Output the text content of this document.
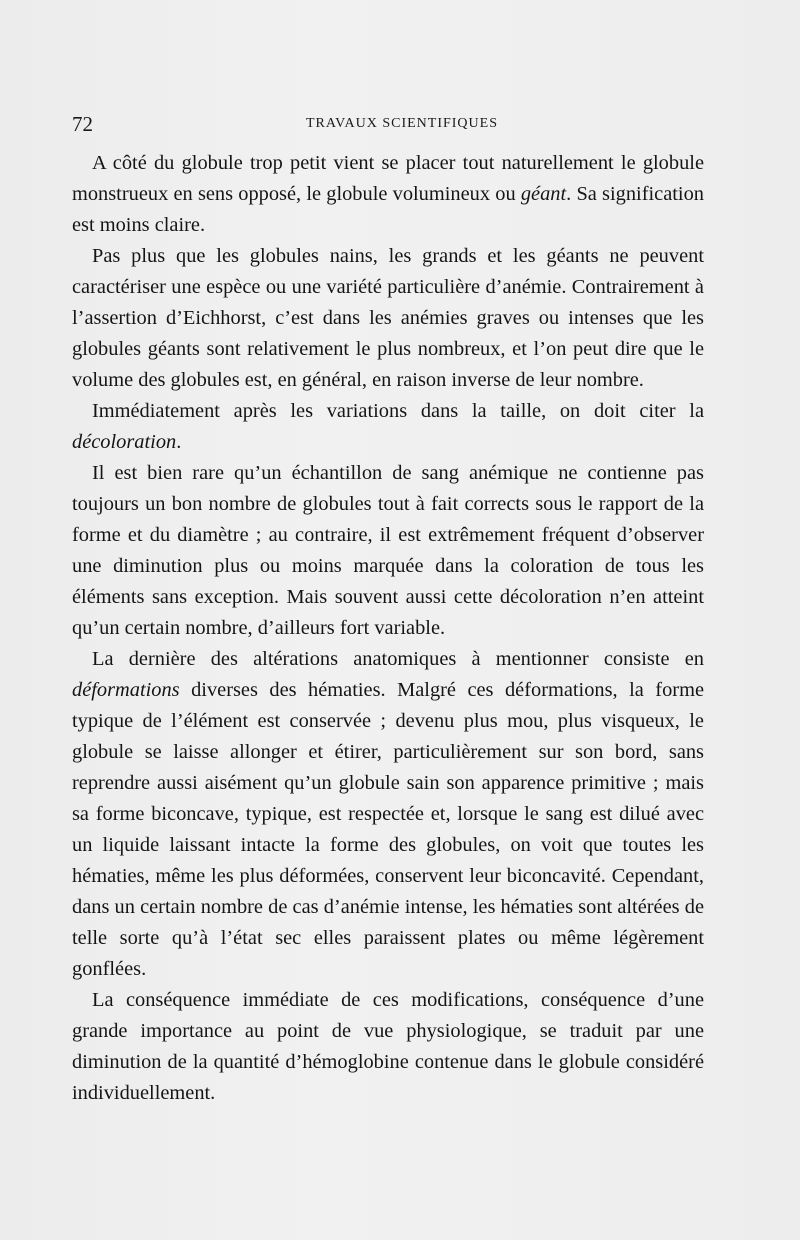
72	TRAVAUX SCIENTIFIQUES

A côté du globule trop petit vient se placer tout naturellement le globule monstrueux en sens opposé, le globule volumineux ou géant. Sa signification est moins claire.

Pas plus que les globules nains, les grands et les géants ne peuvent caractériser une espèce ou une variété particulière d’anémie. Contrairement à l’assertion d’Eichhorst, c’est dans les anémies graves ou intenses que les globules géants sont relativement le plus nombreux, et l’on peut dire que le volume des globules est, en général, en raison inverse de leur nombre.

Immédiatement après les variations dans la taille, on doit citer la décoloration.

Il est bien rare qu’un échantillon de sang anémique ne contienne pas toujours un bon nombre de globules tout à fait corrects sous le rapport de la forme et du diamètre ; au contraire, il est extrêmement fréquent d’observer une diminution plus ou moins marquée dans la coloration de tous les éléments sans exception. Mais souvent aussi cette décoloration n’en atteint qu’un certain nombre, d’ailleurs fort variable.

La dernière des altérations anatomiques à mentionner consiste en déformations diverses des hématies. Malgré ces déformations, la forme typique de l’élément est conservée ; devenu plus mou, plus visqueux, le globule se laisse allonger et étirer, particulièrement sur son bord, sans reprendre aussi aisément qu’un globule sain son apparence primitive ; mais sa forme biconcave, typique, est respectée et, lorsque le sang est dilué avec un liquide laissant intacte la forme des globules, on voit que toutes les hématies, même les plus déformées, conservent leur biconcavité. Cependant, dans un certain nombre de cas d’anémie intense, les hématies sont altérées de telle sorte qu’à l’état sec elles paraissent plates ou même légèrement gonflées.

La conséquence immédiate de ces modifications, conséquence d’une grande importance au point de vue physiologique, se traduit par une diminution de la quantité d’hémoglobine contenue dans le globule considéré individuellement.
